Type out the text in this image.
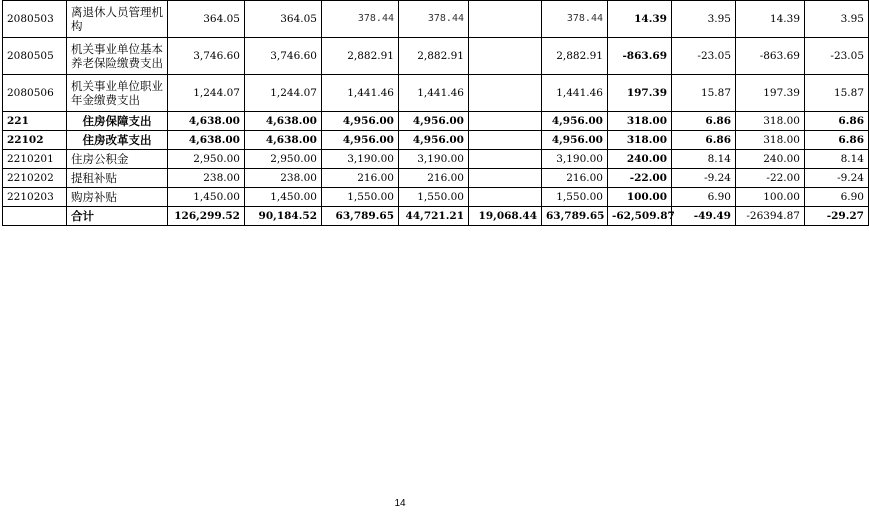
2080503	离退休人员管理机构	364.05	364.05	378.44	378.44		378.44	14.39	3.95	14.39	3.95
2080505	机关事业单位基本养老保险缴费支出	3,746.60	3,746.60	2,882.91	2,882.91		2,882.91	-863.69	-23.05	-863.69	-23.05
2080506	机关事业单位职业年金缴费支出	1,244.07	1,244.07	1,441.46	1,441.46		1,441.46	197.39	15.87	197.39	15.87
221	住房保障支出	4,638.00	4,638.00	4,956.00	4,956.00		4,956.00	318.00	6.86	318.00	6.86
22102	住房改革支出	4,638.00	4,638.00	4,956.00	4,956.00		4,956.00	318.00	6.86	318.00	6.86
2210201	住房公积金	2,950.00	2,950.00	3,190.00	3,190.00		3,190.00	240.00	8.14	240.00	8.14
2210202	提租补贴	238.00	238.00	216.00	216.00		216.00	-22.00	-9.24	-22.00	-9.24
2210203	购房补贴	1,450.00	1,450.00	1,550.00	1,550.00		1,550.00	100.00	6.90	100.00	6.90
	合计	126,299.52	90,184.52	63,789.65	44,721.21	19,068.44	63,789.65	-62,509.87	-49.49	-26394.87	-29.27
14
